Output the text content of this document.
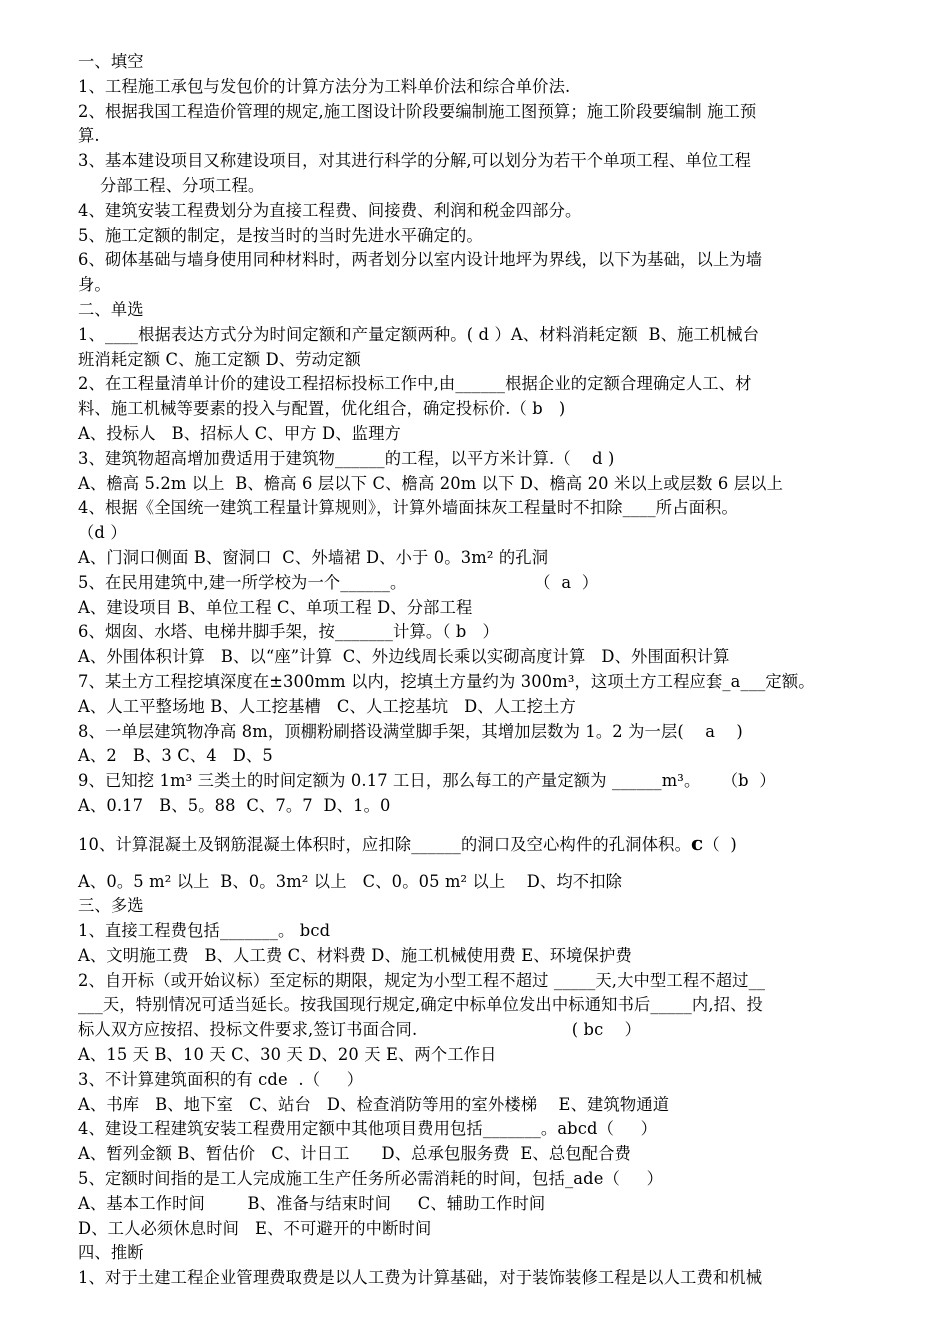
一、填空
1、工程施工承包与发包价的计算方法分为工料单价法和综合单价法.
2、根据我国工程造价管理的规定,施工图设计阶段要编制施工图预算；施工阶段要编制 施工预
算.
3、基本建设项目又称建设项目，对其进行科学的分解,可以划分为若干个单项工程、单位工程
分部工程、分项工程。
4、建筑安装工程费划分为直接工程费、间接费、利润和税金四部分。
5、施工定额的制定，是按当时的当时先进水平确定的。
6、砌体基础与墙身使用同种材料时，两者划分以室内设计地坪为界线，以下为基础，以上为墙
身。
二、单选
1、____根据表达方式分为时间定额和产量定额两种。( d ）A、材料消耗定额  B、施工机械台
班消耗定额 C、施工定额 D、劳动定额
2、在工程量清单计价的建设工程招标投标工作中,由______根据企业的定额合理确定人工、材
料、施工机械等要素的投入与配置，优化组合，确定投标价.（ b   )
A、投标人   B、招标人 C、甲方 D、监理方
3、建筑物超高增加费适用于建筑物______的工程，以平方米计算.（    d )
A、檐高 5.2m 以上  B、檐高 6 层以下 C、檐高 20m 以下 D、檐高 20 米以上或层数 6 层以上
4、根据《全国统一建筑工程量计算规则》，计算外墙面抹灰工程量时不扣除____所占面积。
（d ）
A、门洞口侧面 B、窗洞口  C、外墙裙 D、小于 0。3m² 的孔洞
5、在民用建筑中,建一所学校为一个______。                        （  a  ）
A、建设项目 B、单位工程 C、单项工程 D、分部工程
6、烟囱、水塔、电梯井脚手架，按_______计算。（ b   ）
A、外围体积计算   B、以“座”计算  C、外边线周长乘以实砌高度计算   D、外围面积计算
7、某土方工程挖填深度在±300mm 以内，挖填土方量约为 300m³，这项土方工程应套_a___定额。
A、人工平整场地 B、人工挖基槽   C、人工挖基坑   D、人工挖土方
8、一单层建筑物净高 8m，顶棚粉刷搭设满堂脚手架，其增加层数为 1。2 为一层(    a    )
A、2   B、3 C、4   D、5
9、已知挖 1m³ 三类土的时间定额为 0.17 工日，那么每工的产量定额为 ______m³。    （b  ）
A、0.17   B、5。88  C、7。7  D、1。0
10、计算混凝土及钢筋混凝土体积时，应扣除______的洞口及空心构件的孔洞体积。c（  )
A、0。5 m² 以上  B、0。3m² 以上   C、0。05 m² 以上    D、均不扣除
三、多选
1、直接工程费包括_______。 bcd
A、文明施工费   B、人工费 C、材料费 D、施工机械使用费 E、环境保护费
2、自开标（或开始议标）至定标的期限，规定为小型工程不超过 _____天,大中型工程不超过__
___天，特别情况可适当延长。按我国现行规定,确定中标单位发出中标通知书后_____内,招、投
标人双方应按招、投标文件要求,签订书面合同.                             ( bc    ）
A、15 天 B、10 天 C、30 天 D、20 天 E、两个工作日
3、不计算建筑面积的有 cde  .（     ）
A、书库   B、地下室   C、站台   D、检查消防等用的室外楼梯    E、建筑物通道
4、建设工程建筑安装工程费用定额中其他项目费用包括_______。abcd（     ）
A、暂列金额 B、暂估价   C、计日工      D、总承包服务费  E、总包配合费
5、定额时间指的是工人完成施工生产任务所必需消耗的时间，包括_ade（     ）
A、基本工作时间        B、准备与结束时间     C、辅助工作时间
D、工人必须休息时间   E、不可避开的中断时间
四、推断
1、对于土建工程企业管理费取费是以人工费为计算基础，对于装饰装修工程是以人工费和机械
